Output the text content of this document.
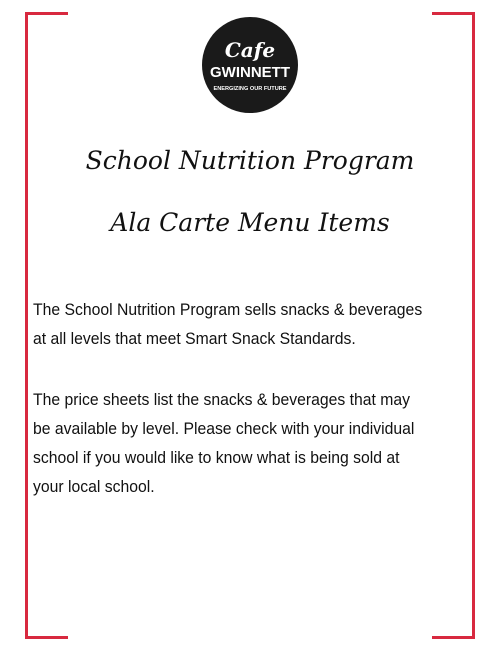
Cafe
GWINNETT
ENERGIZING OUR FUTURE
School Nutrition Program
Ala Carte Menu Items

The School Nutrition Program sells snacks & beverages
at all levels that meet Smart Snack Standards.

The price sheets list the snacks & beverages that may
be available by level. Please check with your individual
school if you would like to know what is being sold at
your local school.
